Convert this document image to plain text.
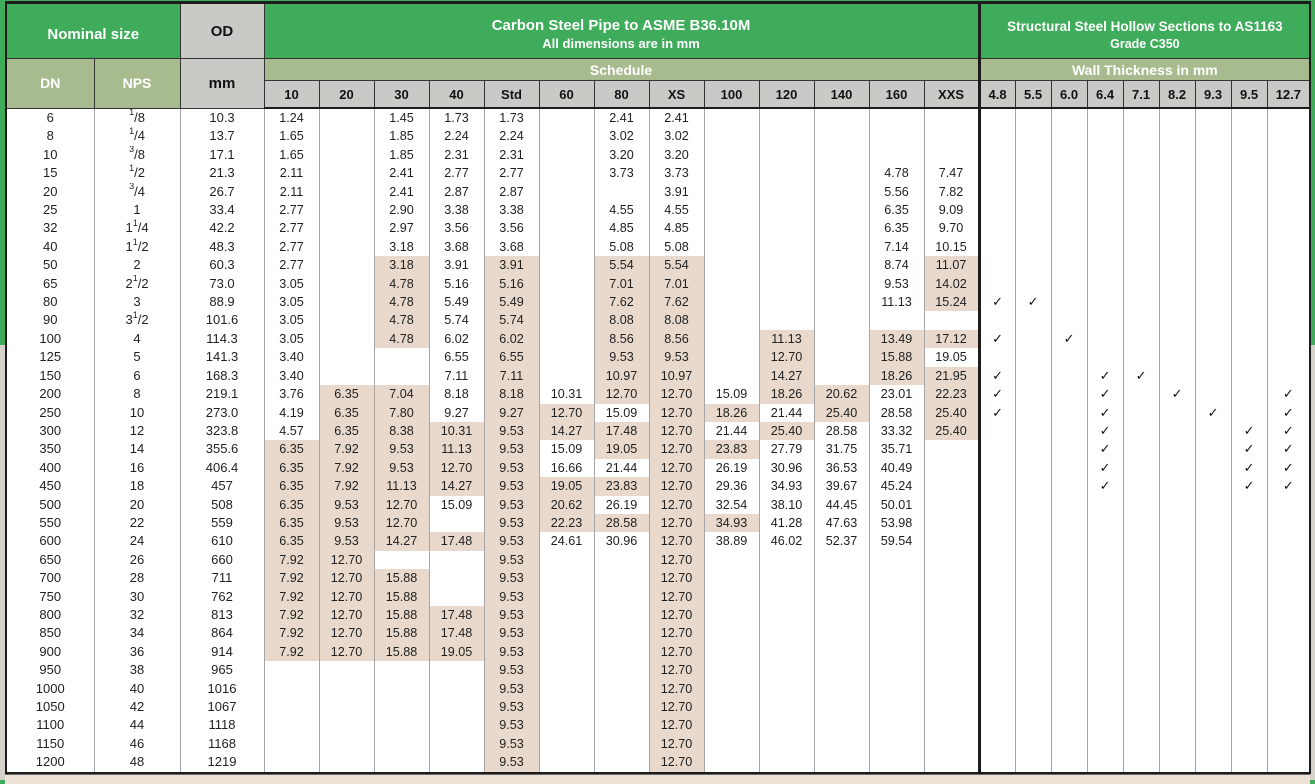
Nominal size	OD	Carbon Steel Pipe to ASME B36.10M
All dimensions are in mm

Structural Steel Hollow Sections to AS1163
Grade C350

DN	NPS	mm	Schedule													Wall Thickness in mm								
			10	20	30	40	Std	60	80	XS	100	120	140	160	XXS	4.8	5.5	6.0	6.4	7.1	8.2	9.3	9.5	12.7
6	$^1$/8	10.3	1.24		1.45	1.73	1.73		2.41	2.41														
8	$^1$/4	13.7	1.65		1.85	2.24	2.24		3.02	3.02														
10	$^3$/8	17.1	1.65		1.85	2.31	2.31		3.20	3.20														
15	$^1$/2	21.3	2.11		2.41	2.77	2.77		3.73	3.73				4.78	7.47									
20	$^3$/4	26.7	2.11		2.41	2.87	2.87			3.91				5.56	7.82									
25	1	33.4	2.77		2.90	3.38	3.38		4.55	4.55				6.35	9.09									
32	$1^1/4$	42.2	2.77		2.97	3.56	3.56		4.85	4.85				6.35	9.70									
40	$1^1/2$	48.3	2.77		3.18	3.68	3.68		5.08	5.08				7.14	10.15									
50	2	60.3	2.77		3.18	3.91	3.91		5.54	5.54				8.74	11.07									
65	$2^1/2$	73.0	3.05		4.78	5.16	5.16		7.01	7.01				9.53	14.02									
80	3	88.9	3.05		4.78	5.49	5.49		7.62	7.62				11.13	15.24	✓	✓							
90	$3^1/2$	101.6	3.05		4.78	5.74	5.74		8.08	8.08														
100	4	114.3	3.05		4.78	6.02	6.02		8.56	8.56		11.13		13.49	17.12	✓		✓						
125	5	141.3	3.40			6.55	6.55		9.53	9.53		12.70		15.88	19.05									
150	6	168.3	3.40			7.11	7.11		10.97	10.97		14.27		18.26	21.95	✓			✓	✓				
200	8	219.1	3.76	6.35	7.04	8.18	8.18	10.31	12.70	12.70	15.09	18.26	20.62	23.01	22.23	✓			✓		✓			✓
250	10	273.0	4.19	6.35	7.80	9.27	9.27	12.70	15.09	12.70	18.26	21.44	25.40	28.58	25.40	✓			✓			✓		✓
300	12	323.8	4.57	6.35	8.38	10.31	9.53	14.27	17.48	12.70	21.44	25.40	28.58	33.32	25.40				✓				✓	✓
350	14	355.6	6.35	7.92	9.53	11.13	9.53	15.09	19.05	12.70	23.83	27.79	31.75	35.71					✓				✓	✓
400	16	406.4	6.35	7.92	9.53	12.70	9.53	16.66	21.44	12.70	26.19	30.96	36.53	40.49					✓				✓	✓
450	18	457	6.35	7.92	11.13	14.27	9.53	19.05	23.83	12.70	29.36	34.93	39.67	45.24					✓				✓	✓
500	20	508	6.35	9.53	12.70	15.09	9.53	20.62	26.19	12.70	32.54	38.10	44.45	50.01										
550	22	559	6.35	9.53	12.70		9.53	22.23	28.58	12.70	34.93	41.28	47.63	53.98										
600	24	610	6.35	9.53	14.27	17.48	9.53	24.61	30.96	12.70	38.89	46.02	52.37	59.54										
650	26	660	7.92	12.70			9.53			12.70														
700	28	711	7.92	12.70	15.88		9.53			12.70														
750	30	762	7.92	12.70	15.88		9.53			12.70														
800	32	813	7.92	12.70	15.88	17.48	9.53			12.70														
850	34	864	7.92	12.70	15.88	17.48	9.53			12.70														
900	36	914	7.92	12.70	15.88	19.05	9.53			12.70														
950	38	965					9.53			12.70														
1000	40	1016					9.53			12.70														
1050	42	1067					9.53			12.70														
1100	44	1118					9.53			12.70														
1150	46	1168					9.53			12.70														
1200	48	1219					9.53			12.70														
